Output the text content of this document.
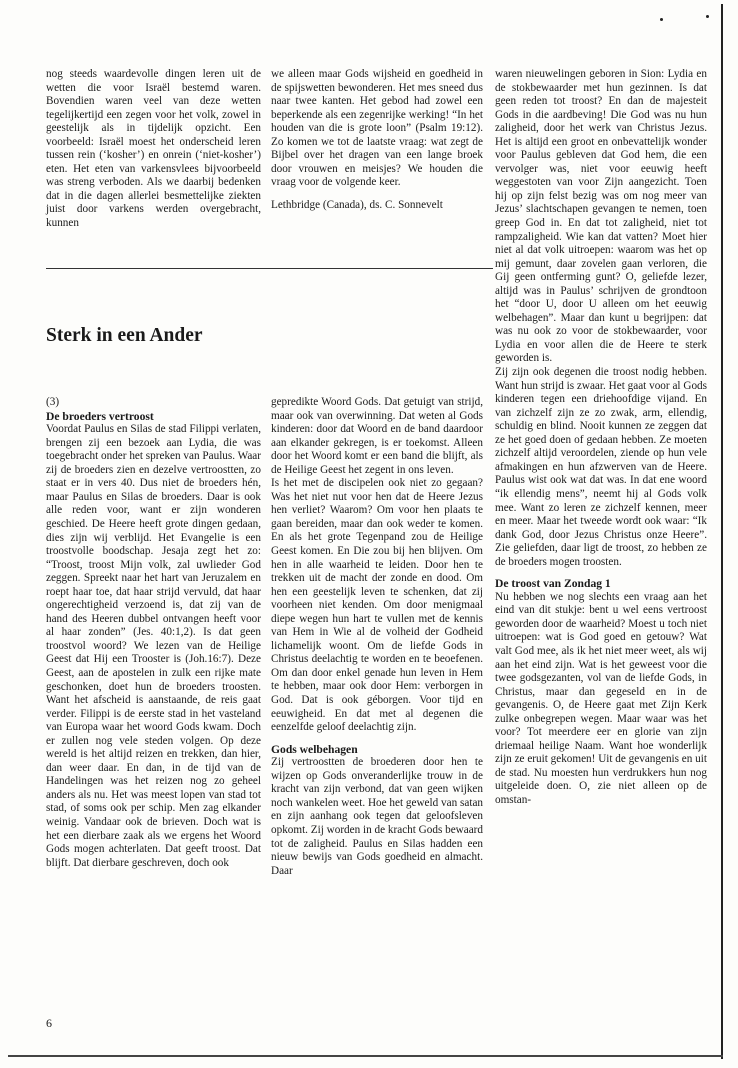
nog steeds waardevolle dingen leren uit de wetten die voor Israël bestemd waren. Bovendien waren veel van deze wetten tegelijkertijd een zegen voor het volk, zowel in geestelijk als in tijdelijk opzicht. Een voorbeeld: Israël moest het onderscheid leren tussen rein (‘kosher’) en onrein (‘niet-kosher’) eten. Het eten van varkensvlees bijvoorbeeld was streng verboden. Als we daarbij bedenken dat in die dagen allerlei besmettelijke ziekten juist door varkens werden overgebracht, kunnen

we alleen maar Gods wijsheid en goedheid in de spijswetten bewonderen. Het mes sneed dus naar twee kanten. Het gebod had zowel een beperkende als een zegenrijke werking! “In het houden van die is grote loon” (Psalm 19:12). Zo komen we tot de laatste vraag: wat zegt de Bijbel over het dragen van een lange broek door vrouwen en meisjes? We houden die vraag voor de volgende keer.

Lethbridge (Canada), ds. C. Sonnevelt

Sterk in een Ander

(3)

De broeders vertroost

Voordat Paulus en Silas de stad Filippi verlaten, brengen zij een bezoek aan Lydia, die was toegebracht onder het spreken van Paulus. Waar zij de broeders zien en dezelve vertroostten, zo staat er in vers 40. Dus niet de broeders hén, maar Paulus en Silas de broeders. Daar is ook alle reden voor, want er zijn wonderen geschied. De Heere heeft grote dingen gedaan, dies zijn wij verblijd. Het Evangelie is een troostvolle boodschap. Jesaja zegt het zo: “Troost, troost Mijn volk, zal uwlieder God zeggen. Spreekt naar het hart van Jeruzalem en roept haar toe, dat haar strijd vervuld, dat haar ongerechtigheid verzoend is, dat zij van de hand des Heeren dubbel ontvangen heeft voor al haar zonden” (Jes. 40:1,2). Is dat geen troostvol woord? We lezen van de Heilige Geest dat Hij een Trooster is (Joh.16:7). Deze Geest, aan de apostelen in zulk een rijke mate geschonken, doet hun de broeders troosten. Want het afscheid is aanstaande, de reis gaat verder. Filippi is de eerste stad in het vasteland van Europa waar het woord Gods kwam. Doch er zullen nog vele steden volgen. Op deze wereld is het altijd reizen en trekken, dan hier, dan weer daar. En dan, in de tijd van de Handelingen was het reizen nog zo geheel anders als nu. Het was meest lopen van stad tot stad, of soms ook per schip. Men zag elkander weinig. Vandaar ook de brieven. Doch wat is het een dierbare zaak als we ergens het Woord Gods mogen achterlaten. Dat geeft troost. Dat blijft. Dat dierbare geschreven, doch ook

gepredikte Woord Gods. Dat getuigt van strijd, maar ook van overwinning. Dat weten al Gods kinderen: door dat Woord en de band daardoor aan elkander gekregen, is er toekomst. Alleen door het Woord komt er een band die blijft, als de Heilige Geest het zegent in ons leven.

Is het met de discipelen ook niet zo gegaan? Was het niet nut voor hen dat de Heere Jezus hen verliet? Waarom? Om voor hen plaats te gaan bereiden, maar dan ook weder te komen. En als het grote Tegenpand zou de Heilige Geest komen. En Die zou bij hen blijven. Om hen in alle waarheid te leiden. Door hen te trekken uit de macht der zonde en dood. Om hen een geestelijk leven te schenken, dat zij voorheen niet kenden. Om door menigmaal diepe wegen hun hart te vullen met de kennis van Hem in Wie al de volheid der Godheid lichamelijk woont. Om de liefde Gods in Christus deelachtig te worden en te beoefenen. Om dan door enkel genade hun leven in Hem te hebben, maar ook door Hem: verborgen in God. Dat is ook géborgen. Voor tijd en eeuwigheid. En dat met al degenen die eenzelfde geloof deelachtig zijn.

Gods welbehagen

Zij vertroostten de broederen door hen te wijzen op Gods onveranderlijke trouw in de kracht van zijn verbond, dat van geen wijken noch wankelen weet. Hoe het geweld van satan en zijn aanhang ook tegen dat geloofsleven opkomt. Zij worden in de kracht Gods bewaard tot de zaligheid. Paulus en Silas hadden een nieuw bewijs van Gods goedheid en almacht. Daar

waren nieuwelingen geboren in Sion: Lydia en de stokbewaarder met hun gezinnen. Is dat geen reden tot troost? En dan de majesteit Gods in die aardbeving! Die God was nu hun zaligheid, door het werk van Christus Jezus. Het is altijd een groot en onbevattelijk wonder voor Paulus gebleven dat God hem, die een vervolger was, niet voor eeuwig heeft weggestoten van voor Zijn aangezicht. Toen hij op zijn felst bezig was om nog meer van Jezus’ slachtschapen gevangen te nemen, toen greep God in. En dat tot zaligheid, niet tot rampzaligheid. Wie kan dat vatten? Moet hier niet al dat volk uitroepen: waarom was het op mij gemunt, daar zovelen gaan verloren, die Gij geen ontferming gunt? O, geliefde lezer, altijd was in Paulus’ schrijven de grondtoon het “door U, door U alleen om het eeuwig welbehagen”. Maar dan kunt u begrijpen: dat was nu ook zo voor de stokbewaarder, voor Lydia en voor allen die de Heere te sterk geworden is.

Zij zijn ook degenen die troost nodig hebben. Want hun strijd is zwaar. Het gaat voor al Gods kinderen tegen een driehoofdige vijand. En van zichzelf zijn ze zo zwak, arm, ellendig, schuldig en blind. Nooit kunnen ze zeggen dat ze het goed doen of gedaan hebben. Ze moeten zichzelf altijd veroordelen, ziende op hun vele afmakingen en hun afzwerven van de Heere. Paulus wist ook wat dat was. In dat ene woord “ik ellendig mens”, neemt hij al Gods volk mee. Want zo leren ze zichzelf kennen, meer en meer. Maar het tweede wordt ook waar: “Ik dank God, door Jezus Christus onze Heere”. Zie geliefden, daar ligt de troost, zo hebben ze de broeders mogen troosten.

De troost van Zondag 1

Nu hebben we nog slechts een vraag aan het eind van dit stukje: bent u wel eens vertroost geworden door de waarheid? Moest u toch niet uitroepen: wat is God goed en getouw? Wat valt God mee, als ik het niet meer weet, als wij aan het eind zijn. Wat is het geweest voor die twee godsgezanten, vol van de liefde Gods, in Christus, maar dan gegeseld en in de gevangenis. O, de Heere gaat met Zijn Kerk zulke onbegrepen wegen. Maar waar was het voor? Tot meerdere eer en glorie van zijn driemaal heilige Naam. Want hoe wonderlijk zijn ze eruit gekomen! Uit de gevangenis en uit de stad. Nu moesten hun verdrukkers hun nog uitgeleide doen. O, zie niet alleen op de omstan-

6
